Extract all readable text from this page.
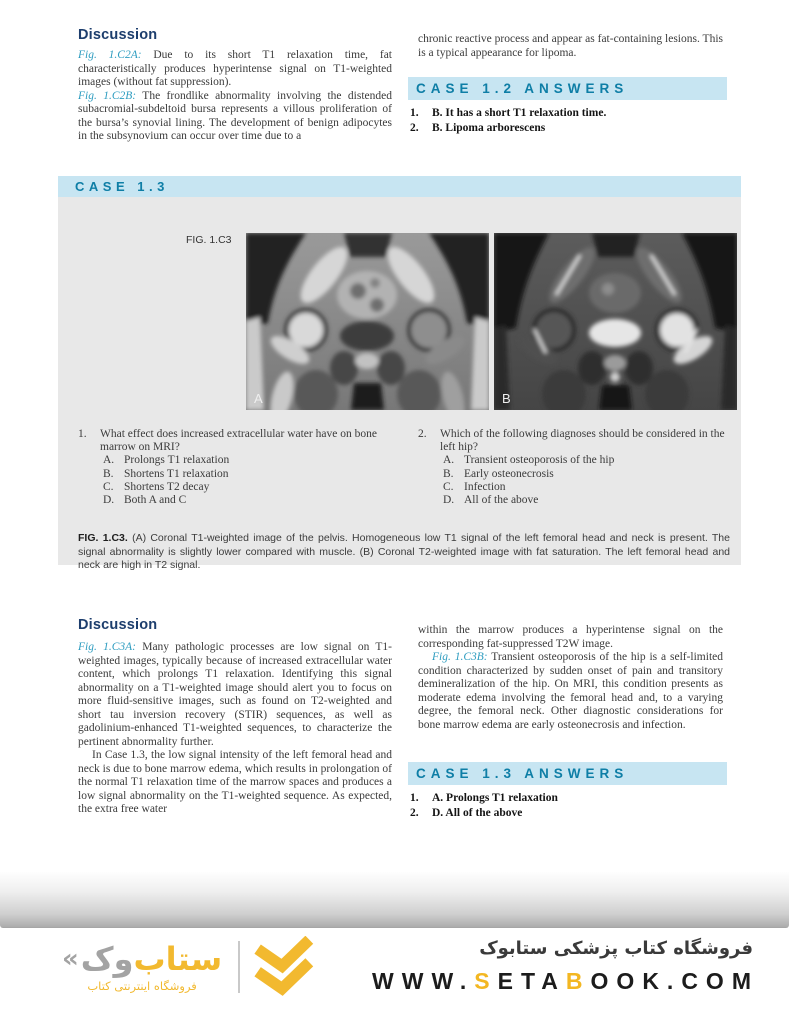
Discussion

Fig. 1.C2A: Due to its short T1 relaxation time, fat characteristically produces hyperintense signal on T1-weighted images (without fat suppression).

Fig. 1.C2B: The frondlike abnormality involving the distended subacromial-subdeltoid bursa represents a villous proliferation of the bursa’s synovial lining. The development of benign adipocytes in the subsynovium can occur over time due to a

chronic reactive process and appear as fat-containing lesions. This is a typical appearance for lipoma.

CASE 1.2 ANSWERS
1.	B. It has a short T1 relaxation time.
2.	B. Lipoma arborescens
CASE 1.3
FIG. 1.C3
A	B
1.	What effect does increased extracellular water have on bone marrow on MRI?
A. Prolongs T1 relaxation
B. Shortens T1 relaxation
C. Shortens T2 decay
D. Both A and C
2.	Which of the following diagnoses should be considered in the left hip?
A. Transient osteoporosis of the hip
B. Early osteonecrosis
C. Infection
D. All of the above
FIG. 1.C3. (A) Coronal T1-weighted image of the pelvis. Homogeneous low T1 signal of the left femoral head and neck is present. The signal abnormality is slightly lower compared with muscle. (B) Coronal T2-weighted image with fat saturation. The left femoral head and neck are high in T2 signal.
Discussion

Fig. 1.C3A: Many pathologic processes are low signal on T1-weighted images, typically because of increased extracellular water content, which prolongs T1 relaxation. Identifying this signal abnormality on a T1-weighted image should alert you to focus on more fluid-sensitive images, such as found on T2-weighted and short tau inversion recovery (STIR) sequences, as well as gadolinium-enhanced T1-weighted sequences, to characterize the pertinent abnormality further.

In Case 1.3, the low signal intensity of the left femoral head and neck is due to bone marrow edema, which results in prolongation of the normal T1 relaxation time of the marrow spaces and produces a low signal abnormality on the T1-weighted sequence. As expected, the extra free water

within the marrow produces a hyperintense signal on the corresponding fat-suppressed T2W image.

Fig. 1.C3B: Transient osteoporosis of the hip is a self-limited condition characterized by sudden onset of pain and transitory demineralization of the hip. On MRI, this condition presents as moderate edema involving the femoral head and, to a varying degree, the femoral neck. Other diagnostic considerations for bone marrow edema are early osteonecrosis and infection.

CASE 1.3 ANSWERS
1.	A. Prolongs T1 relaxation
2.	D. All of the above
« وک ستاب
فروشگاه اینترنتی کتاب
فروشگاه کتاب پزشکی ستابوک
WWW.SETABOOK.COM
